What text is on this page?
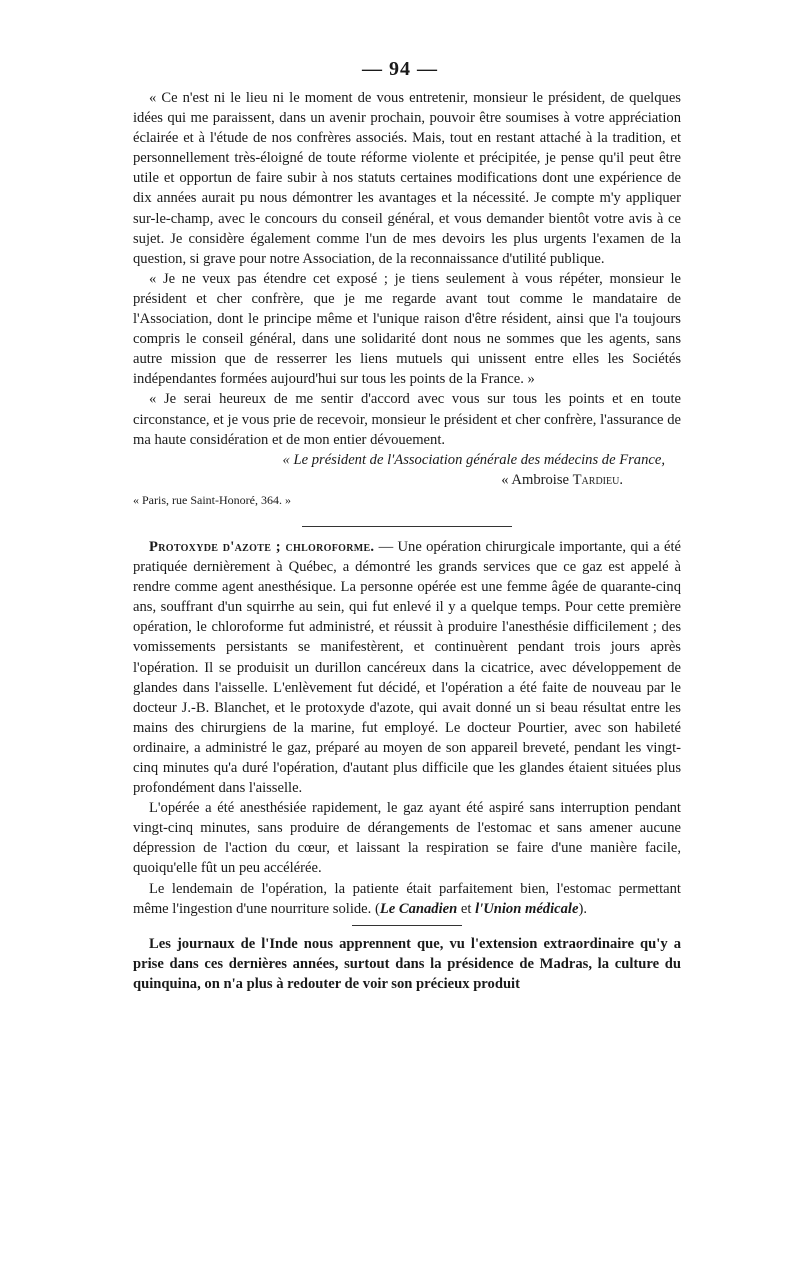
— 94 —

« Ce n'est ni le lieu ni le moment de vous entretenir, monsieur le président, de quelques idées qui me paraissent, dans un avenir prochain, pouvoir être soumises à votre appréciation éclairée et à l'étude de nos confrères associés. Mais, tout en restant attaché à la tradition, et personnellement très-éloigné de toute réforme violente et précipitée, je pense qu'il peut être utile et opportun de faire subir à nos statuts certaines modifications dont une expérience de dix années aurait pu nous démontrer les avantages et la nécessité. Je compte m'y appliquer sur-le-champ, avec le concours du conseil général, et vous demander bientôt votre avis à ce sujet. Je considère également comme l'un de mes devoirs les plus urgents l'examen de la question, si grave pour notre Association, de la reconnaissance d'utilité publique.

« Je ne veux pas étendre cet exposé ; je tiens seulement à vous répéter, monsieur le président et cher confrère, que je me regarde avant tout comme le mandataire de l'Association, dont le principe même et l'unique raison d'être résident, ainsi que l'a toujours compris le conseil général, dans une solidarité dont nous ne sommes que les agents, sans autre mission que de resserrer les liens mutuels qui unissent entre elles les Sociétés indépendantes formées aujourd'hui sur tous les points de la France. »

« Je serai heureux de me sentir d'accord avec vous sur tous les points et en toute circonstance, et je vous prie de recevoir, monsieur le président et cher confrère, l'assurance de ma haute considération et de mon entier dévouement.

« Le président de l'Association générale des médecins de France,

« Ambroise Tardieu.

« Paris, rue Saint-Honoré, 364. »

Protoxyde d'azote ; chloroforme. — Une opération chirurgicale importante, qui a été pratiquée dernièrement à Québec, a démontré les grands services que ce gaz est appelé à rendre comme agent anesthésique. La personne opérée est une femme âgée de quarante-cinq ans, souffrant d'un squirrhe au sein, qui fut enlevé il y a quelque temps. Pour cette première opération, le chloroforme fut administré, et réussit à produire l'anesthésie difficilement ; des vomissements persistants se manifestèrent, et continuèrent pendant trois jours après l'opération. Il se produisit un durillon cancéreux dans la cicatrice, avec développement de glandes dans l'aisselle. L'enlèvement fut décidé, et l'opération a été faite de nouveau par le docteur J.-B. Blanchet, et le protoxyde d'azote, qui avait donné un si beau résultat entre les mains des chirurgiens de la marine, fut employé. Le docteur Pourtier, avec son habileté ordinaire, a administré le gaz, préparé au moyen de son appareil breveté, pendant les vingt-cinq minutes qu'a duré l'opération, d'autant plus difficile que les glandes étaient situées plus profondément dans l'aisselle.

L'opérée a été anesthésiée rapidement, le gaz ayant été aspiré sans interruption pendant vingt-cinq minutes, sans produire de dérangements de l'estomac et sans amener aucune dépression de l'action du cœur, et laissant la respiration se faire d'une manière facile, quoiqu'elle fût un peu accélérée.

Le lendemain de l'opération, la patiente était parfaitement bien, l'estomac permettant même l'ingestion d'une nourriture solide. (Le Canadien et l'Union médicale).

Les journaux de l'Inde nous apprennent que, vu l'extension extraordinaire qu'y a prise dans ces dernières années, surtout dans la présidence de Madras, la culture du quinquina, on n'a plus à redouter de voir son précieux produit
